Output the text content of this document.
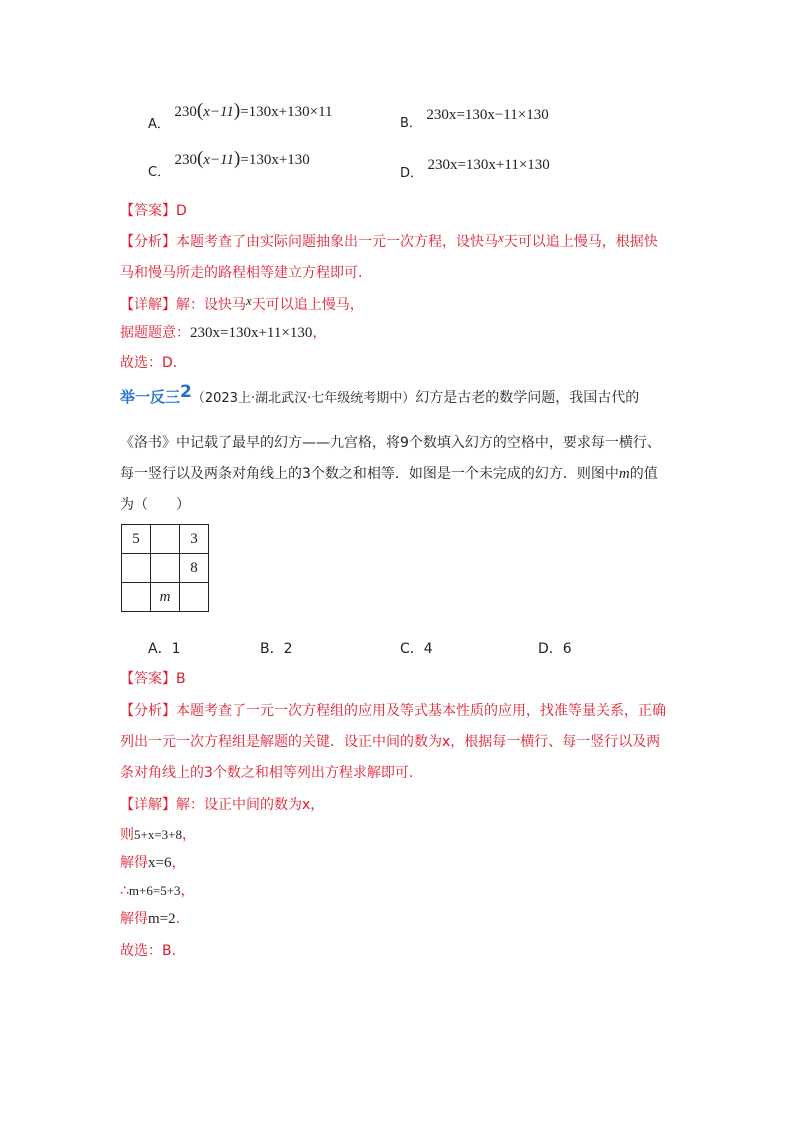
A． 230(x−11)=130x+130×11
B． 230x=130x−11×130
C． 230(x−11)=130x+130
D． 230x=130x+11×130
【答案】D
【分析】本题考查了由实际问题抽象出一元一次方程，设快马x天可以追上慢马，根据快
马和慢马所走的路程相等建立方程即可.
【详解】解：设快马x天可以追上慢马，
据题题意：230x=130x+11×130，
故选：D.
举一反三2（2023上·湖北武汉·七年级统考期中）幻方是古老的数学问题，我国古代的
《洛书》中记载了最早的幻方——九宫格，将9个数填入幻方的空格中，要求每一横行、
每一竖行以及两条对角线上的3个数之和相等．如图是一个未完成的幻方．则图中m的值
为（　　）
5		3
		8
	m	
A．1	B．2	C．4	D．6
【答案】B
【分析】本题考查了一元一次方程组的应用及等式基本性质的应用，找准等量关系，正确
列出一元一次方程组是解题的关键．设正中间的数为x，根据每一横行、每一竖行以及两
条对角线上的3个数之和相等列出方程求解即可.
【详解】解：设正中间的数为x，
则5+x=3+8，
解得x=6，
∴m+6=5+3，
解得m=2.
故选：B.
